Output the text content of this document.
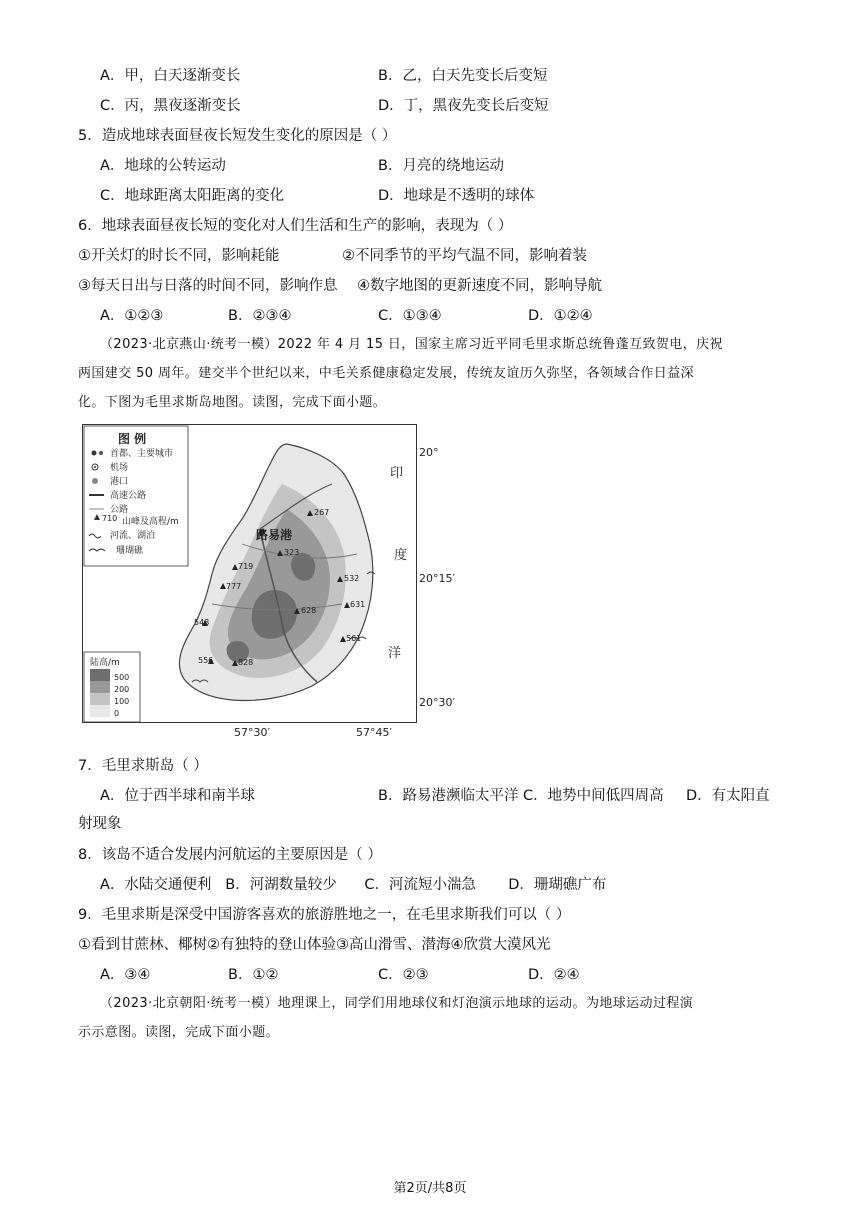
A．甲，白天逐渐变长	B．乙，白天先变长后变短
C．丙，黑夜逐渐变长	D．丁，黑夜先变长后变短
5．造成地球表面昼夜长短发生变化的原因是（ ）
A．地球的公转运动	B．月亮的绕地运动
C．地球距离太阳距离的变化	D．地球是不透明的球体
6．地球表面昼夜长短的变化对人们生活和生产的影响，表现为（ ）
①开关灯的时长不同，影响耗能	②不同季节的平均气温不同，影响着装
③每天日出与日落的时间不同，影响作息 ④数字地图的更新速度不同，影响导航
A．①②③	B．②③④	C．①③④	D．①②④
（2023·北京燕山·统考一模）2022 年 4 月 15 日，国家主席习近平同毛里求斯总统鲁蓬互致贺电，庆祝
两国建交 50 周年。建交半个世纪以来，中毛关系健康稳定发展，传统友谊历久弥坚，各领域合作日益深
化。下图为毛里求斯岛地图。读图，完成下面小题。
图 例
首都、主要城市
机场
港口
高速公路
公路
710 山峰及高程/m
河流、湖泊
珊瑚礁
陆高/m
500
200
100
0
路易港
267
323
719
777
532
628
631
561
548
556	828
印
度
洋
20°
20°15′
20°30′
57°30′	57°45′
7．毛里求斯岛（ ）
A．位于西半球和南半球	B．路易港濒临太平洋 C．地势中间低四周高 D．有太阳直
射现象
8．该岛不适合发展内河航运的主要原因是（ ）
A．水陆交通便利   B．河湖数量较少      C．河流短小湍急       D．珊瑚礁广布
9．毛里求斯是深受中国游客喜欢的旅游胜地之一，在毛里求斯我们可以（ ）
①看到甘蔗林、椰树②有独特的登山体验③高山滑雪、潜海④欣赏大漠风光
A．③④	B．①②	C．②③	D．②④
（2023·北京朝阳·统考一模）地理课上，同学们用地球仪和灯泡演示地球的运动。为地球运动过程演
示示意图。读图，完成下面小题。
第2页/共8页
